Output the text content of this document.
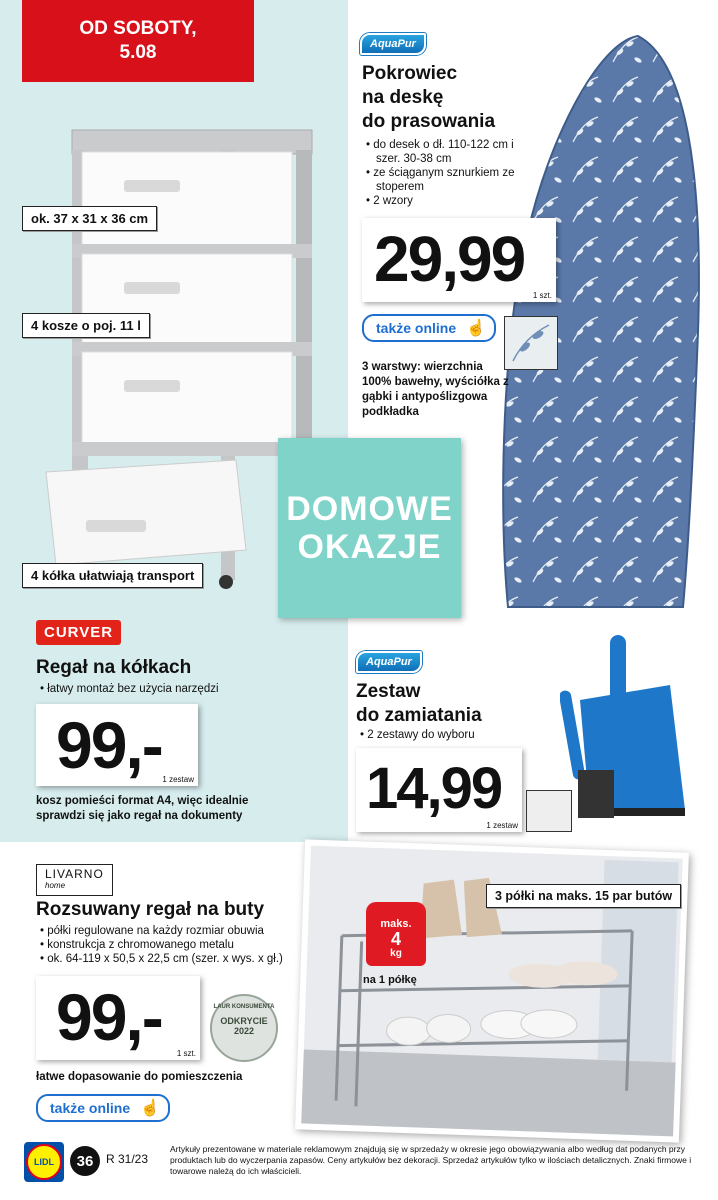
OD SOBOTY,
5.08
ok. 37 x 31 x 36 cm
4 kosze o poj. 11 l
4 kółka ułatwiają transport
AquaPur
Pokrowiec
na deskę
do prasowania
• do desek o dł. 110-122 cm i szer. 30-38 cm
• ze ściąganym sznurkiem ze stoperem
• 2 wzory
29,99
1 szt.
także online ☝
3 warstwy: wierzchnia 100% bawełny, wyściółka z gąbki i antypoślizgowa podkładka
DOMOWE
OKAZJE
CURVER
Regał na kółkach
• łatwy montaż bez użycia narzędzi
99,- 1 zestaw
kosz pomieści format A4, więc idealnie sprawdzi się jako regał na dokumenty
AquaPur
Zestaw
do zamiatania
• 2 zestawy do wyboru
14,99
1 zestaw
LIVARNO
home
Rozsuwany regał na buty
• półki regulowane na każdy rozmiar obuwia
• konstrukcja z chromowanego metalu
• ok. 64-119 x 50,5 x 22,5 cm (szer. x wys. x gł.)
99,- 1 szt.
LAUR KONSUMENTA
ODKRYCIE
2022
łatwe dopasowanie do pomieszczenia
także online ☝
3 półki na maks. 15 par butów
maks.
4
kg
na 1 półkę
LIDL	36	R 31/23
Artykuły prezentowane w materiale reklamowym znajdują się w sprzedaży w okresie jego obowiązywania albo według dat podanych przy produktach lub do wyczerpania zapasów. Ceny artykułów bez dekoracji. Sprzedaż artykułów tylko w ilościach detalicznych. Znaki firmowe i towarowe należą do ich właścicieli.
